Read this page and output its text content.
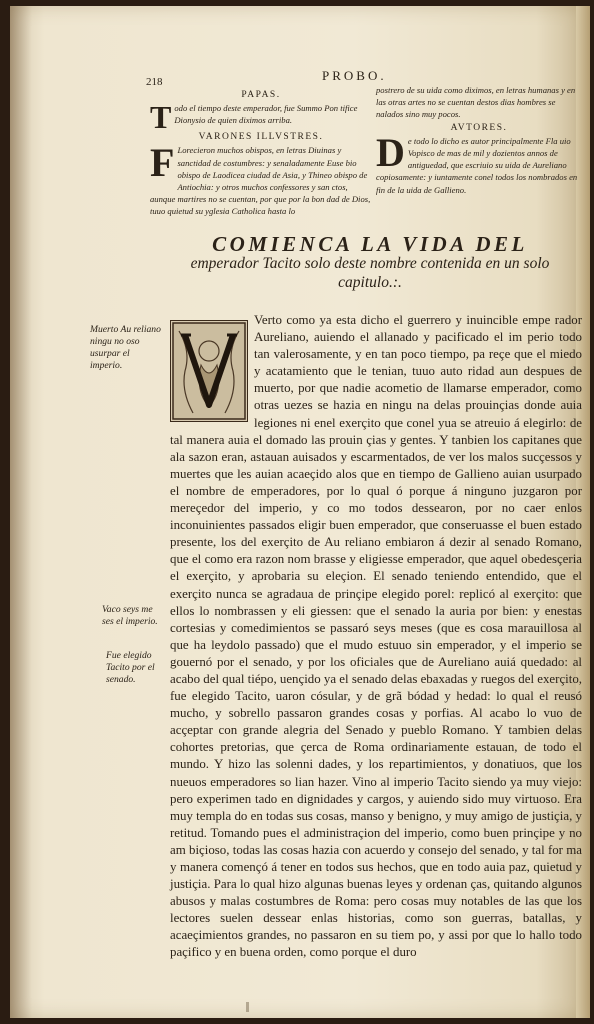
218	PROBO.
PAPAS.

T odo el tiempo deste emperador, fue Summo Pon tifice Dionysio de quien diximos arriba.

VARONES ILLVSTRES.

F Lorecieron muchos obispos, en letras Diuinas y sanctidad de costumbres: y senaladamente Euse bio obispo de Laodicea ciudad de Asia, y Thineo obispo de Antiochia: y otros muchos confessores y san ctos, aunque martires no se cuentan, por que por la bon dad de Dios, tuuo quietud su yglesia Catholica hasta lo

postrero de su uida como diximos, en letras humanas y en las otras artes no se cuentan destos dias hombres se nalados sino muy pocos.

AVTORES.

D e todo lo dicho es autor principalmente Fla uio Vopisco de mas de mil y dozientos annos de antiguedad, que escriuio su uida de Aureliano copiosamente: y iuntamente conel todos los nombrados en fin de la uida de Gallieno.

COMIENCA LA VIDA DEL
emperador Tacito solo deste nombre contenida en un solo capitulo.:.

Muerto Au reliano ningu no oso usurpar el imperio.

Vaco seys me ses el imperio.

Fue elegido Tacito por el senado.

Verto como ya esta dicho el guerrero y inuincible empe rador Aureliano, auiendo el allanado y pacificado el im perio todo tan valerosamente, y en tan poco tiempo, pa reçe que el miedo y acatamiento que le tenian, tuuo auto ridad aun despues de muerto, por que nadie acometio de llamarse emperador, como otras uezes se hazia en ningu na delas prouinçias donde auia legiones ni enel exerçito que conel yua se atreuio á elegirlo: de tal manera auia el domado las prouin çias y gentes. Y tanbien los capitanes que ala sazon eran, astauan auisados y escarmentados, de ver los malos sucçessos y muertes que les auian acaeçido alos que en tiempo de Gallieno auian usurpado el nombre de emperadores, por lo qual ó porque á ninguno juzgaron por mereçedor del imperio, y co mo todos dessearon, por no caer enlos inconuinientes passados eligir buen emperador, que conseruasse el buen estado presente, los del exerçito de Au reliano embiaron á dezir al senado Romano, que el como era razon nom brasse y eligiesse emperador, que aquel obedesçeria el exerçito, y aprobaria su eleçion. El senado teniendo entendido, que el exerçito nunca se agradaua de prinçipe elegido porel: replicó al exerçito: que ellos lo nombrassen y eli giessen: que el senado la auria por bien: y enestas cortesias y comedimientos se passaró seys meses (que es cosa marauillosa al que ha leydolo passado) que el mudo estuuo sin emperador, y el imperio se gouernó por el senado, y por los oficiales que de Aureliano auiá quedado: al acabo del qual tiépo, uençido ya el senado delas ebaxadas y ruegos del exerçito, fue elegido Tacito, uaron cósular, y de grã bódad y hedad: lo qual el reusó mucho, y sobrello passaron grandes cosas y porfias. Al acabo lo vuo de acçeptar con grande alegria del Senado y pueblo Romano. Y tambien delas cohortes pretorias, que çerca de Roma ordinariamente estauan, de todo el mundo. Y hizo las solenni dades, y los repartimientos, y donatiuos, que los nueuos emperadores so lian hazer. Vino al imperio Tacito siendo ya muy viejo: pero experimen tado en dignidades y cargos, y auiendo sido muy virtuoso. Era muy templa do en todas sus cosas, manso y benigno, y muy amigo de justiçia, y retitud. Tomando pues el administraçion del imperio, como buen prinçipe y no am biçioso, todas las cosas hazia con acuerdo y consejo del senado, y tal for ma y manera començó á tener en todos sus hechos, que en todo auia paz, quietud y justiçia. Para lo qual hizo algunas buenas leyes y ordenan ças, quitando algunos abusos y malas costumbres de Roma: pero cosas muy notables de las que los lectores suelen dessear enlas historias, como son guerras, batallas, y acaeçimientos grandes, no passaron en su tiem po, y assi por que lo hallo todo paçifico y en buena orden, como porque el duro
